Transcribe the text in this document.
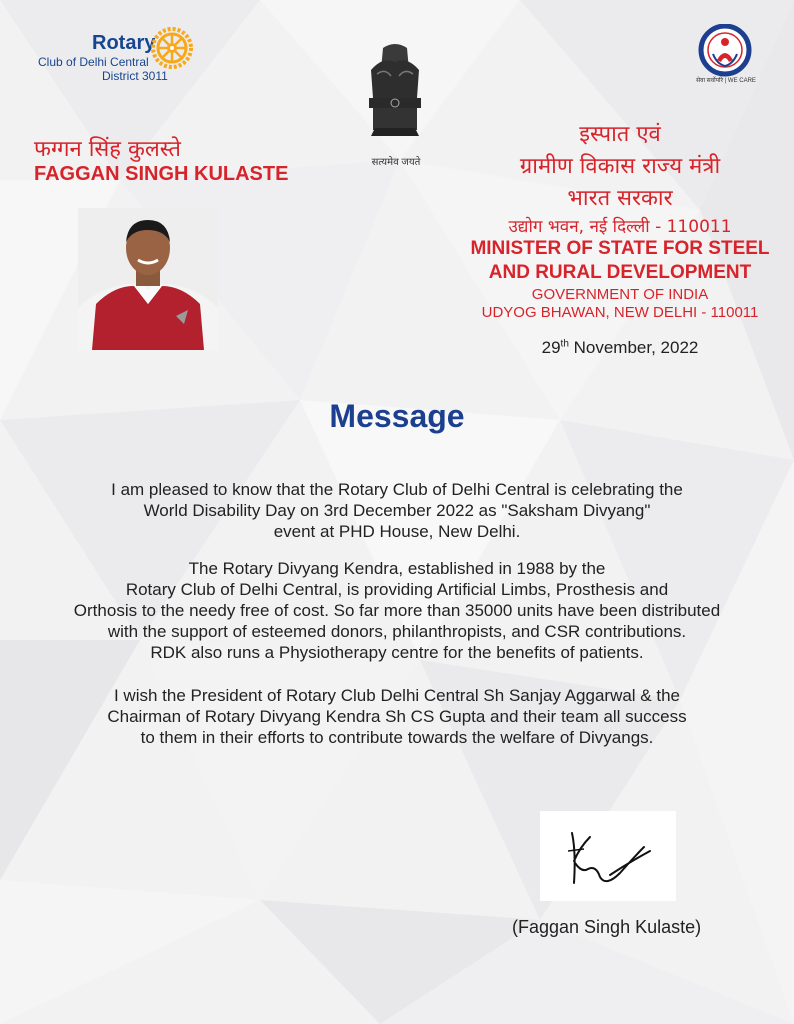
Rotary
Club of Delhi Central
District 3011
सत्यमेव जयते
सेवा सर्वोपरि | WE CARE
फग्गन सिंह कुलस्ते
FAGGAN SINGH KULASTE
इस्पात एवं
ग्रामीण विकास राज्य मंत्री
भारत सरकार
उद्योग भवन, नई दिल्ली - 110011
MINISTER OF STATE FOR STEEL
AND RURAL DEVELOPMENT
GOVERNMENT OF INDIA
UDYOG BHAWAN, NEW DELHI - 110011
29th November, 2022
Message
I am pleased to know that the Rotary Club of Delhi Central is celebrating the
World Disability Day on 3rd December 2022 as "Saksham Divyang"
event at PHD House, New Delhi.
The Rotary Divyang Kendra, established in 1988 by the
Rotary Club of Delhi Central, is providing Artificial Limbs, Prosthesis and
Orthosis to the needy free of cost. So far more than 35000 units have been distributed
with the support of esteemed donors, philanthropists, and CSR contributions.
RDK also runs a Physiotherapy centre for the benefits of patients.
I wish the President of Rotary Club Delhi Central Sh Sanjay Aggarwal & the
Chairman of Rotary Divyang Kendra Sh CS Gupta and their team all success
to them in their efforts to contribute towards the welfare of Divyangs.
(Faggan Singh Kulaste)
